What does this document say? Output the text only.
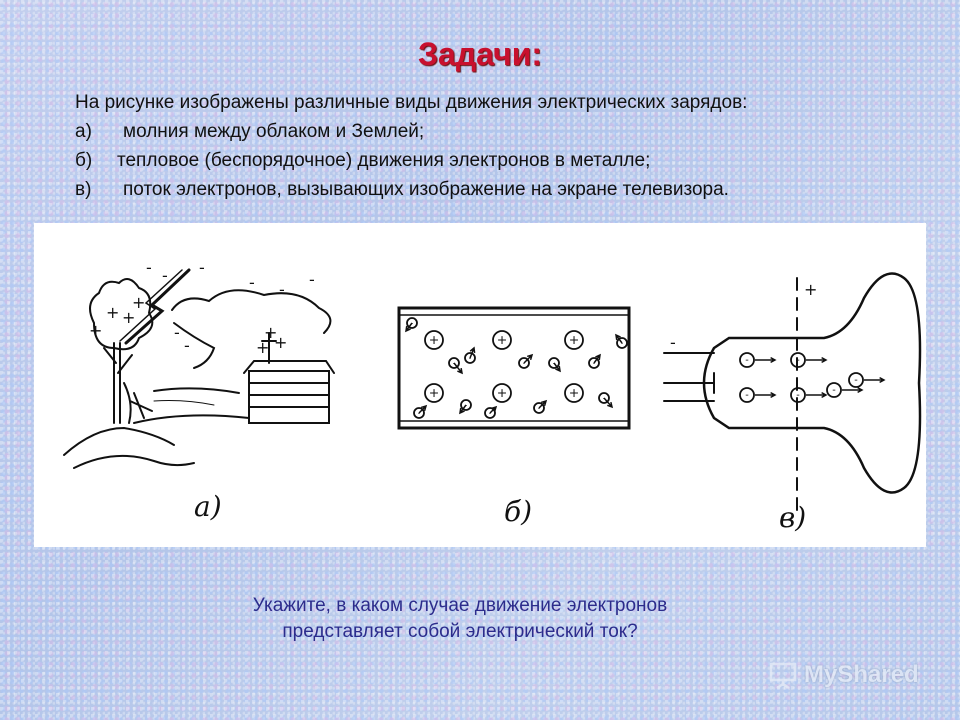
Задачи:
На рисунке изображены различные виды движения электрических зарядов:
а) молния между облаком и Землей;
б) тепловое (беспорядочное) движения электронов в металле;
в) поток электронов, вызывающих изображение на экране телевизора.
+	+	+
+	+	+
-
-
-
-
-
-
-	-
-
-	-
-
-
-
-
-	-
-
- - -
- -
-
-
-
+
+
+
+
+
+
+
+
-
а)	б)	в)
Укажите, в каком случае движение электронов
представляет собой электрический ток?
MyShared
